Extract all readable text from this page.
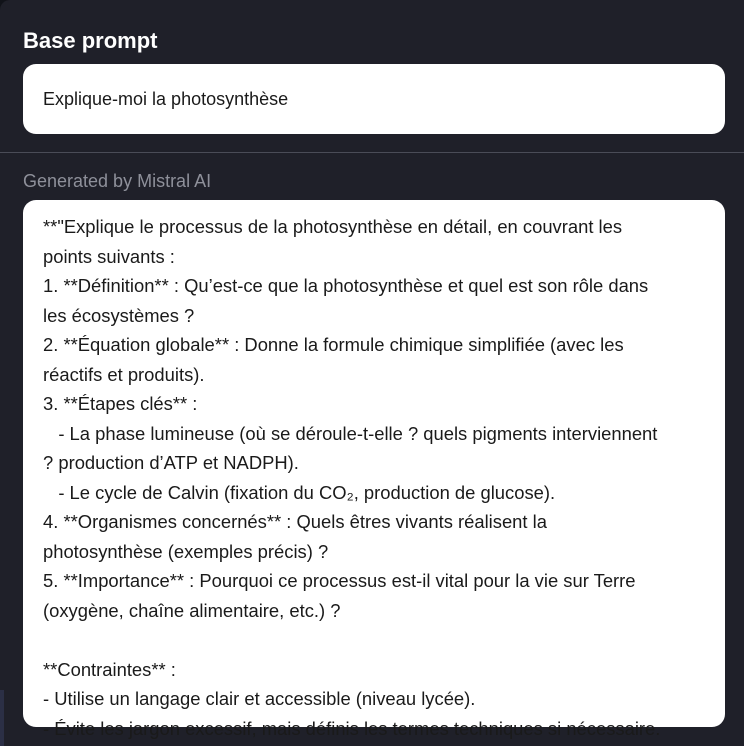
Base prompt
Explique-moi la photosynthèse
Generated by Mistral AI
**"Explique le processus de la photosynthèse en détail, en couvrant les
points suivants :
1. **Définition** : Qu’est-ce que la photosynthèse et quel est son rôle dans
les écosystèmes ?
2. **Équation globale** : Donne la formule chimique simplifiée (avec les
réactifs et produits).
3. **Étapes clés** :
- La phase lumineuse (où se déroule-t-elle ? quels pigments interviennent
? production d’ATP et NADPH).
- Le cycle de Calvin (fixation du CO₂, production de glucose).
4. **Organismes concernés** : Quels êtres vivants réalisent la
photosynthèse (exemples précis) ?
5. **Importance** : Pourquoi ce processus est-il vital pour la vie sur Terre
(oxygène, chaîne alimentaire, etc.) ?
**Contraintes** :
- Utilise un langage clair et accessible (niveau lycée).
- Évite les jargon excessif, mais définis les termes techniques si nécessaire.
